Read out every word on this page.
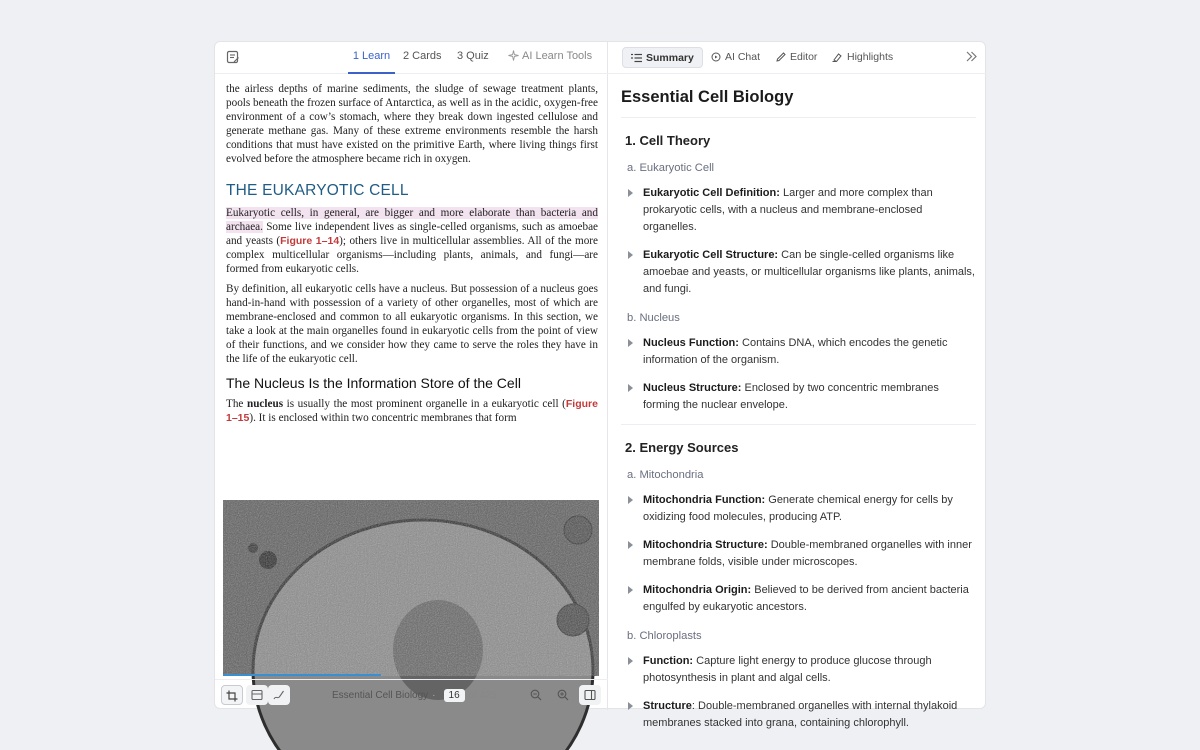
1 Learn	2 Cards 3 Quiz	AI Learn Tools

the airless depths of marine sediments, the sludge of sewage treatment plants, pools beneath the frozen surface of Antarctica, as well as in the acidic, oxygen-free environment of a cow’s stomach, where they break down ingested cellulose and generate methane gas. Many of these extreme environments resemble the harsh conditions that must have existed on the primitive Earth, where living things first evolved before the atmosphere became rich in oxygen.

THE EUKARYOTIC CELL

Eukaryotic cells, in general, are bigger and more elaborate than bacteria and archaea. Some live independent lives as single-celled organisms, such as amoebae and yeasts (Figure 1–14); others live in multicellular assemblies. All of the more complex multicellular organisms—including plants, animals, and fungi—are formed from eukaryotic cells.

By definition, all eukaryotic cells have a nucleus. But possession of a nucleus goes hand-in-hand with possession of a variety of other organelles, most of which are membrane-enclosed and common to all eukaryotic organisms. In this section, we take a look at the main organelles found in eukaryotic cells from the point of view of their functions, and we consider how they came to serve the roles they have in the life of the eukaryotic cell.

The Nucleus Is the Information Store of the Cell

The nucleus is usually the most prominent organelle in a eukaryotic cell (Figure 1–15). It is enclosed within two concentric membranes that form

Essential Cell Biology · 16 of 425
Summary	AI Chat	Editor	Highlights
Essential Cell Biology
1. Cell Theory
a. Eukaryotic Cell
Eukaryotic Cell Definition: Larger and more complex than prokaryotic cells, with a nucleus and membrane-enclosed organelles.
Eukaryotic Cell Structure: Can be single-celled organisms like amoebae and yeasts, or multicellular organisms like plants, animals, and fungi.
b. Nucleus
Nucleus Function: Contains DNA, which encodes the genetic information of the organism.
Nucleus Structure: Enclosed by two concentric membranes forming the nuclear envelope.
2. Energy Sources
a. Mitochondria
Mitochondria Function: Generate chemical energy for cells by oxidizing food molecules, producing ATP.
Mitochondria Structure: Double-membraned organelles with inner membrane folds, visible under microscopes.
Mitochondria Origin: Believed to be derived from ancient bacteria engulfed by eukaryotic ancestors.
b. Chloroplasts
Function: Capture light energy to produce glucose through photosynthesis in plant and algal cells.
Structure: Double-membraned organelles with internal thylakoid membranes stacked into grana, containing chlorophyll.
